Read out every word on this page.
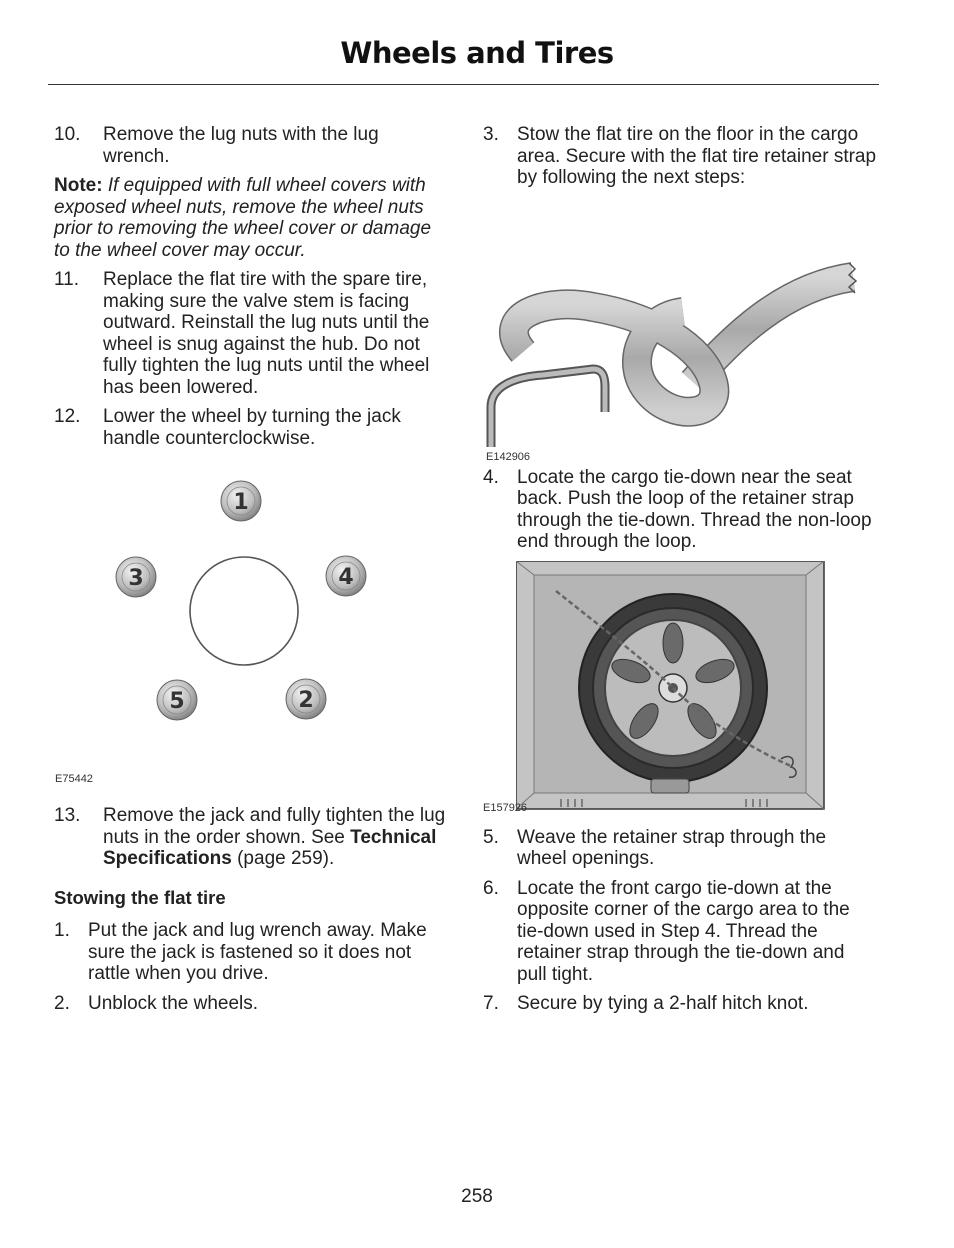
Wheels and Tires
10.	Remove the lug nuts with the lug wrench.
Note: If equipped with full wheel covers with exposed wheel nuts, remove the wheel nuts prior to removing the wheel cover or damage to the wheel cover may occur.
11.	Replace the flat tire with the spare tire, making sure the valve stem is facing outward. Reinstall the lug nuts until the wheel is snug against the hub. Do not fully tighten the lug nuts until the wheel has been lowered.
12.	Lower the wheel by turning the jack handle counterclockwise.
1
4
3
5	2
E75442
13.	Remove the jack and fully tighten the lug nuts in the order shown. See Technical Specifications (page 259).
Stowing the flat tire
1. Put the jack and lug wrench away. Make sure the jack is fastened so it does not rattle when you drive.
2. Unblock the wheels.
3. Stow the flat tire on the floor in the cargo area. Secure with the flat tire retainer strap by following the next steps:
E142906
4. Locate the cargo tie-down near the seat back. Push the loop of the retainer strap through the tie-down. Thread the non-loop end through the loop.
E157926
5. Weave the retainer strap through the wheel openings.
6. Locate the front cargo tie-down at the opposite corner of the cargo area to the tie-down used in Step 4. Thread the retainer strap through the tie-down and pull tight.
7. Secure by tying a 2-half hitch knot.
258
